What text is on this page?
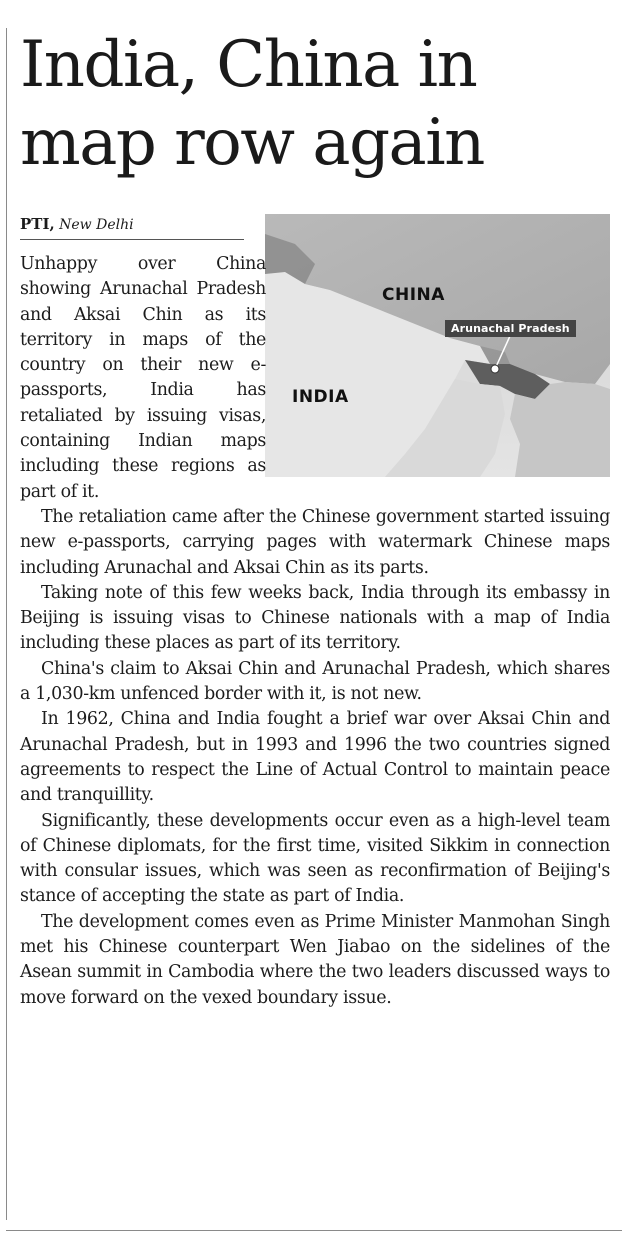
India, China in map row again
PTI, New Delhi
CHINA
INDIA
Arunachal Pradesh

Unhappy over China showing Arunachal Pradesh and Aksai Chin as its territory in maps of the country on their new e-passports, India has retaliated by issuing visas, containing Indian maps including these regions as part of it.

The retaliation came after the Chinese government started issuing new e-passports, carrying pages with watermark Chinese maps including Arunachal and Aksai Chin as its parts.

Taking note of this few weeks back, India through its embassy in Beijing is issuing visas to Chinese nationals with a map of India including these places as part of its territory.

China's claim to Aksai Chin and Arunachal Pradesh, which shares a 1,030-km unfenced border with it, is not new.

In 1962, China and India fought a brief war over Aksai Chin and Arunachal Pradesh, but in 1993 and 1996 the two countries signed agreements to respect the Line of Actual Control to maintain peace and tranquillity.

Significantly, these developments occur even as a high-level team of Chinese diplomats, for the first time, visited Sikkim in connection with consular issues, which was seen as reconfirmation of Beijing's stance of accepting the state as part of India.

The development comes even as Prime Minister Manmohan Singh met his Chinese counterpart Wen Jiabao on the sidelines of the Asean summit in Cambodia where the two leaders discussed ways to move forward on the vexed boundary issue.
